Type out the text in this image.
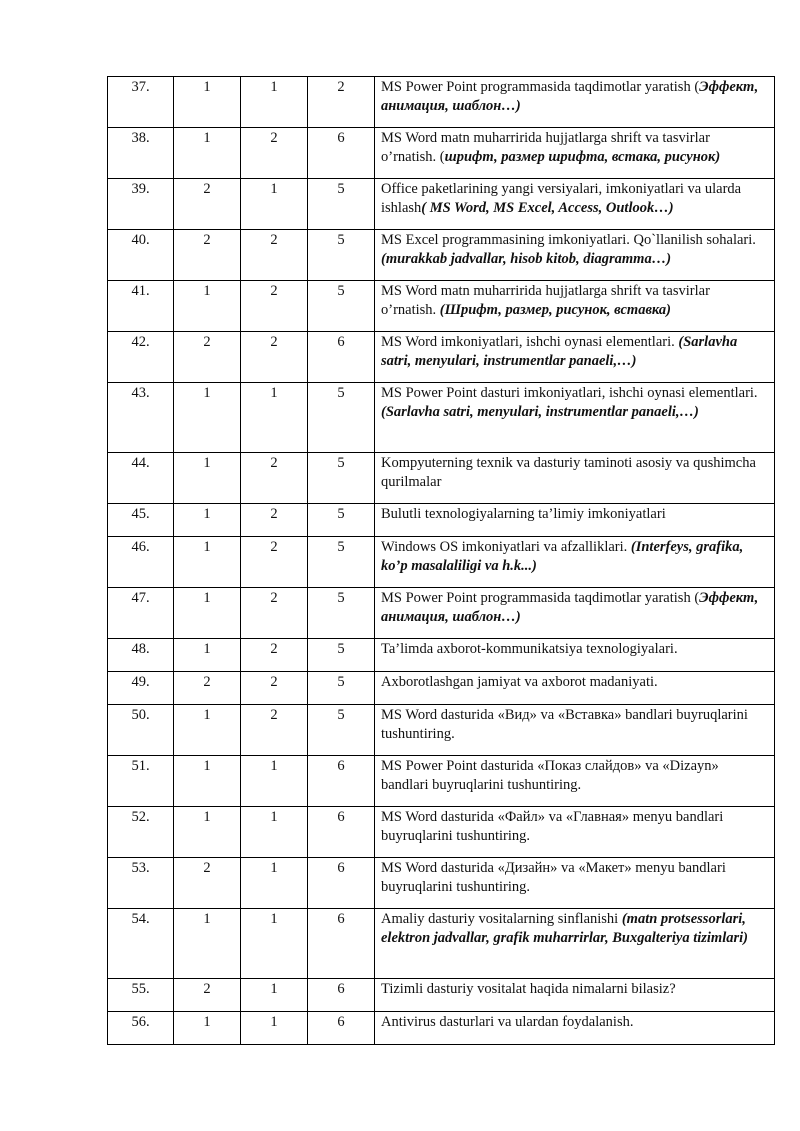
37.	1	1	2	MS Power Point programmasida taqdimotlar yaratish (Эффект, анимация, шаблон…)
38.	1	2	6	MS Word matn muharririda hujjatlarga shrift va tasvirlar o’rnatish. (шрифт, размер шрифта, встака, рисунок)
39.	2	1	5	Office paketlarining yangi versiyalari, imkoniyatlari va ularda ishlash( MS Word, MS Excel, Access, Outlook…)
40.	2	2	5	MS Excel programmasining imkoniyatlari. Qo`llanilish sohalari. (murakkab jadvallar, hisob kitob, diagramma…)
41.	1	2	5	MS Word matn muharririda hujjatlarga shrift va tasvirlar o’rnatish. (Шрифт, размер, рисунок, вставка)
42.	2	2	6	MS Word imkoniyatlari, ishchi oynasi elementlari. (Sarlavha satri, menyulari, instrumentlar panaeli,…)
43.	1	1	5	MS Power Point dasturi imkoniyatlari, ishchi oynasi elementlari.(Sarlavha satri, menyulari, instrumentlar panaeli,…)
44.	1	2	5	Kompyuterning texnik va dasturiy taminoti asosiy va qushimcha qurilmalar
45.	1	2	5	Bulutli texnologiyalarning ta’limiy imkoniyatlari
46.	1	2	5	Windows OS imkoniyatlari va afzalliklari. (Interfeys, grafika, ko’p masalaliligi va h.k...)
47.	1	2	5	MS Power Point programmasida taqdimotlar yaratish (Эффект, анимация, шаблон…)
48.	1	2	5	Ta’limda axborot-kommunikatsiya texnologiyalari.
49.	2	2	5	Axborotlashgan jamiyat va axborot madaniyati.
50.	1	2	5	MS Word dasturida «Вид» va «Вставка» bandlari buyruqlarini tushuntiring.
51.	1	1	6	MS Power Point dasturida «Показ слайдов» va «Dizayn» bandlari buyruqlarini tushuntiring.
52.	1	1	6	MS Word dasturida «Файл» va «Главная» menyu bandlari buyruqlarini tushuntiring.
53.	2	1	6	MS Word dasturida «Дизайн» va «Макет» menyu bandlari buyruqlarini tushuntiring.
54.	1	1	6	Amaliy dasturiy vositalarning sinflanishi (matn protsessorlari, elektron jadvallar, grafik muharrirlar, Buxgalteriya tizimlari)
55.	2	1	6	Tizimli dasturiy vositalat haqida nimalarni bilasiz?
56.	1	1	6	Antivirus dasturlari va ulardan foydalanish.
